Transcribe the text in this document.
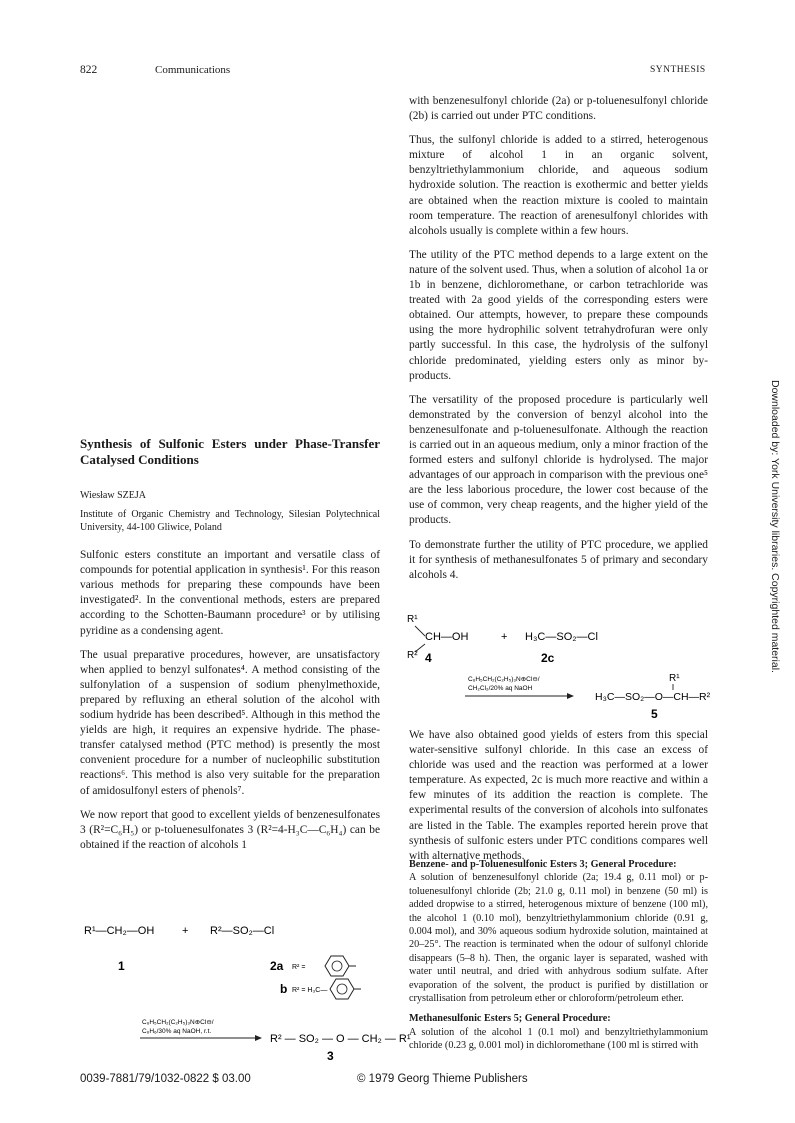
822	Communications	SYNTHESIS
Synthesis of Sulfonic Esters under Phase-Transfer Catalysed Conditions
Wiesław SZEJA
Institute of Organic Chemistry and Technology, Silesian Polytechnical University, 44-100 Gliwice, Poland

Sulfonic esters constitute an important and versatile class of compounds for potential application in synthesis¹. For this reason various methods for preparing these compounds have been investigated². In the conventional methods, esters are prepared according to the Schotten-Baumann procedure³ or by utilising pyridine as a condensing agent.

The usual preparative procedures, however, are unsatisfactory when applied to benzyl sulfonates⁴. A method consisting of the sulfonylation of a suspension of sodium phenylmethoxide, prepared by refluxing an etheral solution of the alcohol with sodium hydride has been described⁵. Although in this method the yields are high, it requires an expensive hydride. The phase-transfer catalysed method (PTC method) is presently the most convenient procedure for a number of nucleophilic substitution reactions⁶. This method is also very suitable for the preparation of amidosulfonyl esters of phenols⁷.

We now report that good to excellent yields of benzenesulfonates 3 (R²=C₆H₅) or p-toluenesulfonates 3 (R²=4-H₃C—C₆H₄) can be obtained if the reaction of alcohols 1

R¹—CH₂—OH	+ R²—SO₂—Cl
1	2a R² =
b R² = H₃C—
C₆H₅CH₂(C₂H₅)₃N⊕Cl⊖/
C₆H₆/30% aq NaOH, r.t.
R² — SO₂ — O — CH₂ — R¹
3

with benzenesulfonyl chloride (2a) or p-toluenesulfonyl chloride (2b) is carried out under PTC conditions.

Thus, the sulfonyl chloride is added to a stirred, heterogenous mixture of alcohol 1 in an organic solvent, benzyltriethylammonium chloride, and aqueous sodium hydroxide solution. The reaction is exothermic and better yields are obtained when the reaction mixture is cooled to maintain room temperature. The reaction of arenesulfonyl chlorides with alcohols usually is complete within a few hours.

The utility of the PTC method depends to a large extent on the nature of the solvent used. Thus, when a solution of alcohol 1a or 1b in benzene, dichloromethane, or carbon tetrachloride was treated with 2a good yields of the corresponding esters were obtained. Our attempts, however, to prepare these compounds using the more hydrophilic solvent tetrahydrofuran were only partly successful. In this case, the hydrolysis of the sulfonyl chloride predominated, yielding esters only as minor by-products.

The versatility of the proposed procedure is particularly well demonstrated by the conversion of benzyl alcohol into the benzenesulfonate and p-toluenesulfonate. Although the reaction is carried out in an aqueous medium, only a minor fraction of the formed esters and sulfonyl chloride is hydrolysed. The major advantages of our approach in comparison with the previous one⁵ are the less laborious procedure, the lower cost because of the use of common, very cheap reagents, and the higher yield of the products.

To demonstrate further the utility of PTC procedure, we applied it for synthesis of methanesulfonates 5 of primary and secondary alcohols 4.

R¹
CH—OH
R²
+ H₃C—SO₂—Cl
4	2c
C₆H₅CH₂(C₂H₅)₃N⊕Cl⊖/
CH₂Cl₂/20% aq NaOH
R¹
H₃C—SO₂—O—CH—R²
5

We have also obtained good yields of esters from this special water-sensitive sulfonyl chloride. In this case an excess of chloride was used and the reaction was performed at a lower temperature. As expected, 2c is much more reactive and within a few minutes of its addition the reaction is complete. The experimental results of the conversion of alcohols into sulfonates are listed in the Table. The examples reported herein prove that synthesis of sulfonic esters under PTC conditions compares well with alternative methods.

Benzene- and p-Toluenesulfonic Esters 3; General Procedure:

A solution of benzenesulfonyl chloride (2a; 19.4 g, 0.11 mol) or p-toluenesulfonyl chloride (2b; 21.0 g, 0.11 mol) in benzene (50 ml) is added dropwise to a stirred, heterogenous mixture of benzene (100 ml), the alcohol 1 (0.10 mol), benzyltriethylammonium chloride (0.91 g, 0.004 mol), and 30% aqueous sodium hydroxide solution, maintained at 20–25°. The reaction is terminated when the odour of sulfonyl chloride disappears (5–8 h). Then, the organic layer is separated, washed with water until neutral, and dried with anhydrous sodium sulfate. After evaporation of the solvent, the product is purified by distillation or crystallisation from petroleum ether or chloroform/petroleum ether.

Methanesulfonic Esters 5; General Procedure:
A solution of the alcohol 1 (0.1 mol) and benzyltriethylammonium chloride (0.23 g, 0.001 mol) in dichloromethane (100 ml is stirred with
0039-7881/79/1032-0822 $ 03.00	© 1979 Georg Thieme Publishers
Downloaded by: York University libraries. Copyrighted material.
